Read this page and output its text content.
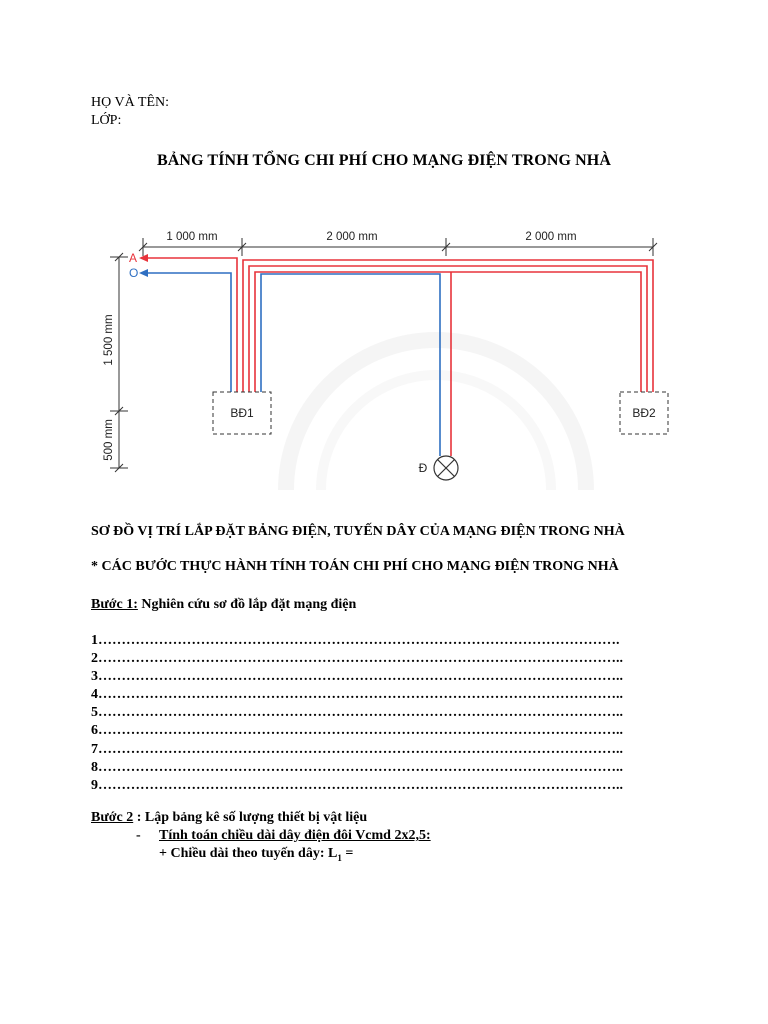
HỌ VÀ TÊN:
LỚP:
BẢNG TÍNH TỔNG CHI PHÍ CHO MẠNG ĐIỆN TRONG NHÀ
1 000 mm	2 000 mm	2 000 mm
1 500 mm
500 mm
A
O
BĐ1	BĐ2
Đ
SƠ ĐỒ VỊ TRÍ LẮP ĐẶT BẢNG ĐIỆN, TUYẾN DÂY CỦA MẠNG ĐIỆN TRONG NHÀ
* CÁC BƯỚC THỰC HÀNH TÍNH TOÁN CHI PHÍ CHO MẠNG ĐIỆN TRONG NHÀ
Bước 1: Nghiên cứu sơ đồ lắp đặt mạng điện
1………………………………………………………………………………………………….
2…………………………………………………………………………………………………..
3…………………………………………………………………………………………………..
4…………………………………………………………………………………………………..
5…………………………………………………………………………………………………..
6…………………………………………………………………………………………………..
7…………………………………………………………………………………………………..
8…………………………………………………………………………………………………..
9…………………………………………………………………………………………………..
Bước 2 : Lập bảng kê số lượng thiết bị vật liệu
- Tính toán chiều dài dây điện đôi Vcmd 2x2,5:
+ Chiều dài theo tuyến dây: $L_1$ =
